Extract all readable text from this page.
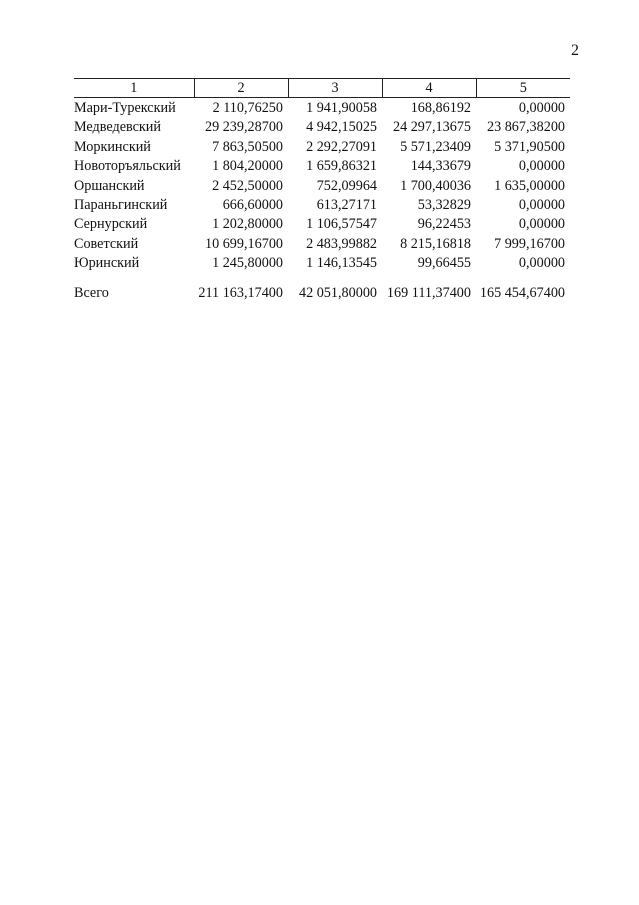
2
1	2	3	4	5
Мари-Турекский	2 110,76250	1 941,90058	168,86192	0,00000
Медведевский	29 239,28700	4 942,15025	24 297,13675	23 867,38200
Моркинский	7 863,50500	2 292,27091	5 571,23409	5 371,90500
Новоторъяльский	1 804,20000	1 659,86321	144,33679	0,00000
Оршанский	2 452,50000	752,09964	1 700,40036	1 635,00000
Параньгинский	666,60000	613,27171	53,32829	0,00000
Сернурский	1 202,80000	1 106,57547	96,22453	0,00000
Советский	10 699,16700	2 483,99882	8 215,16818	7 999,16700
Юринский	1 245,80000	1 146,13545	99,66455	0,00000

Всего	211 163,17400	42 051,80000	169 111,37400	165 454,67400
